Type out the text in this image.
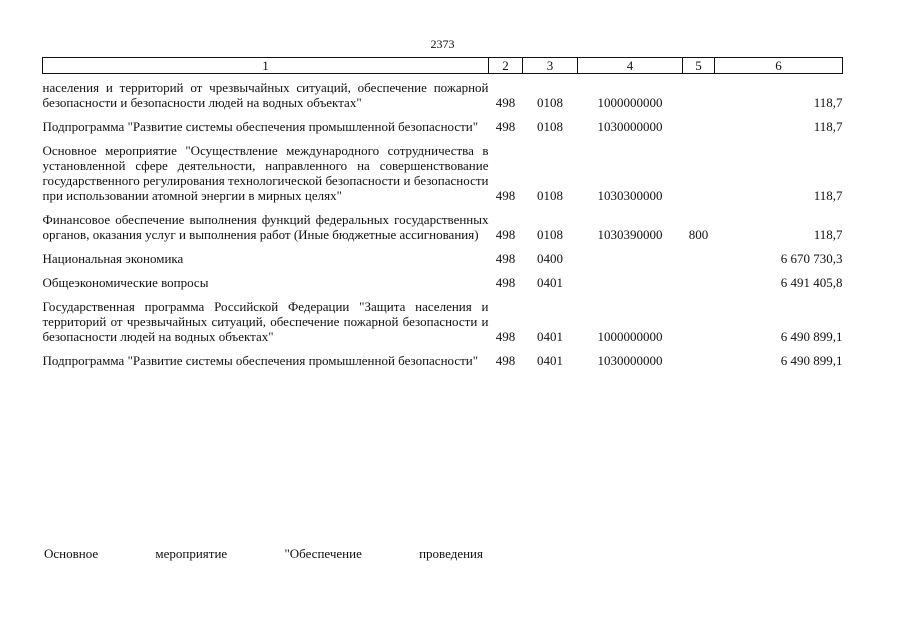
2373
1	2	3	4	5	6

населения и территорий от чрезвычайных ситуаций, обеспечение пожарной безопасности и безопасности людей на водных объектах"	498	0108	1000000000		118,7

Подпрограмма "Развитие системы обеспечения промышленной безопасности"	498	0108	1030000000		118,7

Основное мероприятие "Осуществление международного сотрудничества в установленной сфере деятельности, направленного на совершенствование государственного регулирования технологической безопасности и безопасности при использовании атомной энергии в мирных целях"	498	0108	1030300000		118,7

Финансовое обеспечение выполнения функций федеральных государственных органов, оказания услуг и выполнения работ (Иные бюджетные ассигнования)	498	0108	1030390000	800	118,7

Национальная экономика	498	0400			6 670 730,3

Общеэкономические вопросы	498	0401			6 491 405,8

Государственная программа Российской Федерации "Защита населения и территорий от чрезвычайных ситуаций, обеспечение пожарной безопасности и безопасности людей на водных объектах"	498	0401	1000000000		6 490 899,1

Подпрограмма "Развитие системы обеспечения промышленной безопасности"	498	0401	1030000000		6 490 899,1
Основное мероприятие "Обеспечение проведения
